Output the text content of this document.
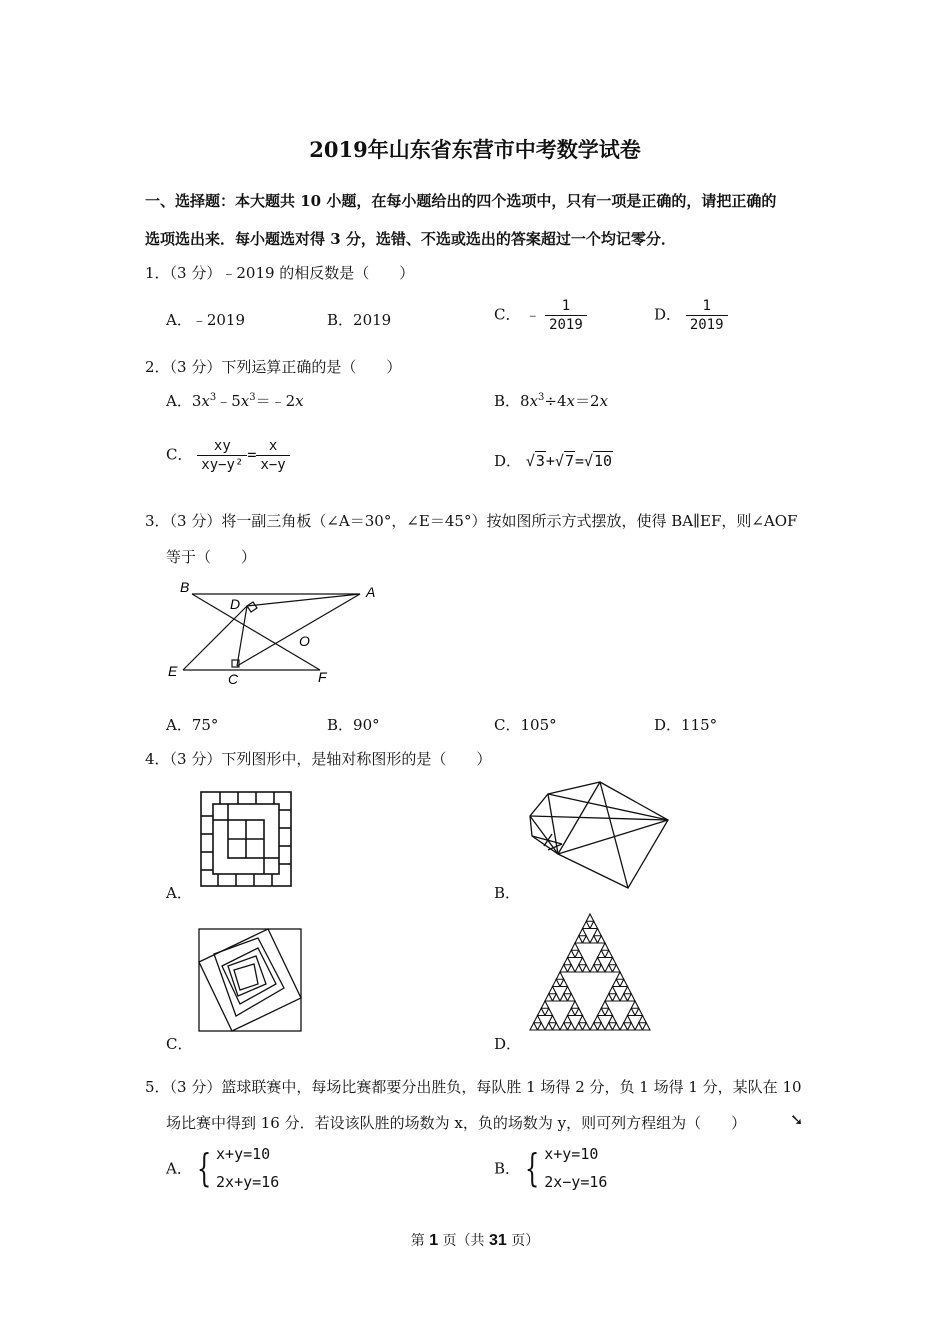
2019年山东省东营市中考数学试卷
一、选择题：本大题共 10 小题，在每小题给出的四个选项中，只有一项是正确的，请把正确的
选项选出来．每小题选对得 3 分，选错、不选或选出的答案超过一个均记零分．
1．（3 分）﹣2019 的相反数是（　　）
A．﹣2019	B．2019	C． ﹣ $\frac{1}{2019}$	D． $\frac{1}{2019}$
2．（3 分）下列运算正确的是（　　）
A．$3x^3﹣5x^3=﹣2x$	B．$8x^3\div 4x=2x$
C． $\frac{xy}{\text{xy−y²}} = \frac{x}{x-y}$	D． √3+√7=√10
3．（3 分）将一副三角板（∠A＝30°，∠E＝45°）按如图所示方式摆放，使得 BA∥EF，则∠AOF
等于（　　）
B	A
D
O
E	C	F
A．75°	B．90°	C．105°	D．115°
4．（3 分）下列图形中，是轴对称图形的是（　　）
A．	B．
C．	D．
5．（3 分）篮球联赛中，每场比赛都要分出胜负，每队胜 1 场得 2 分，负 1 场得 1 分，某队在 10
场比赛中得到 16 分．若设该队胜的场数为 x，负的场数为 y，则可列方程组为（　　）	➘
A． { x+y=10
2x+y=16
B． { x+y=10
2x−y=16
第 1 页（共 31 页）
